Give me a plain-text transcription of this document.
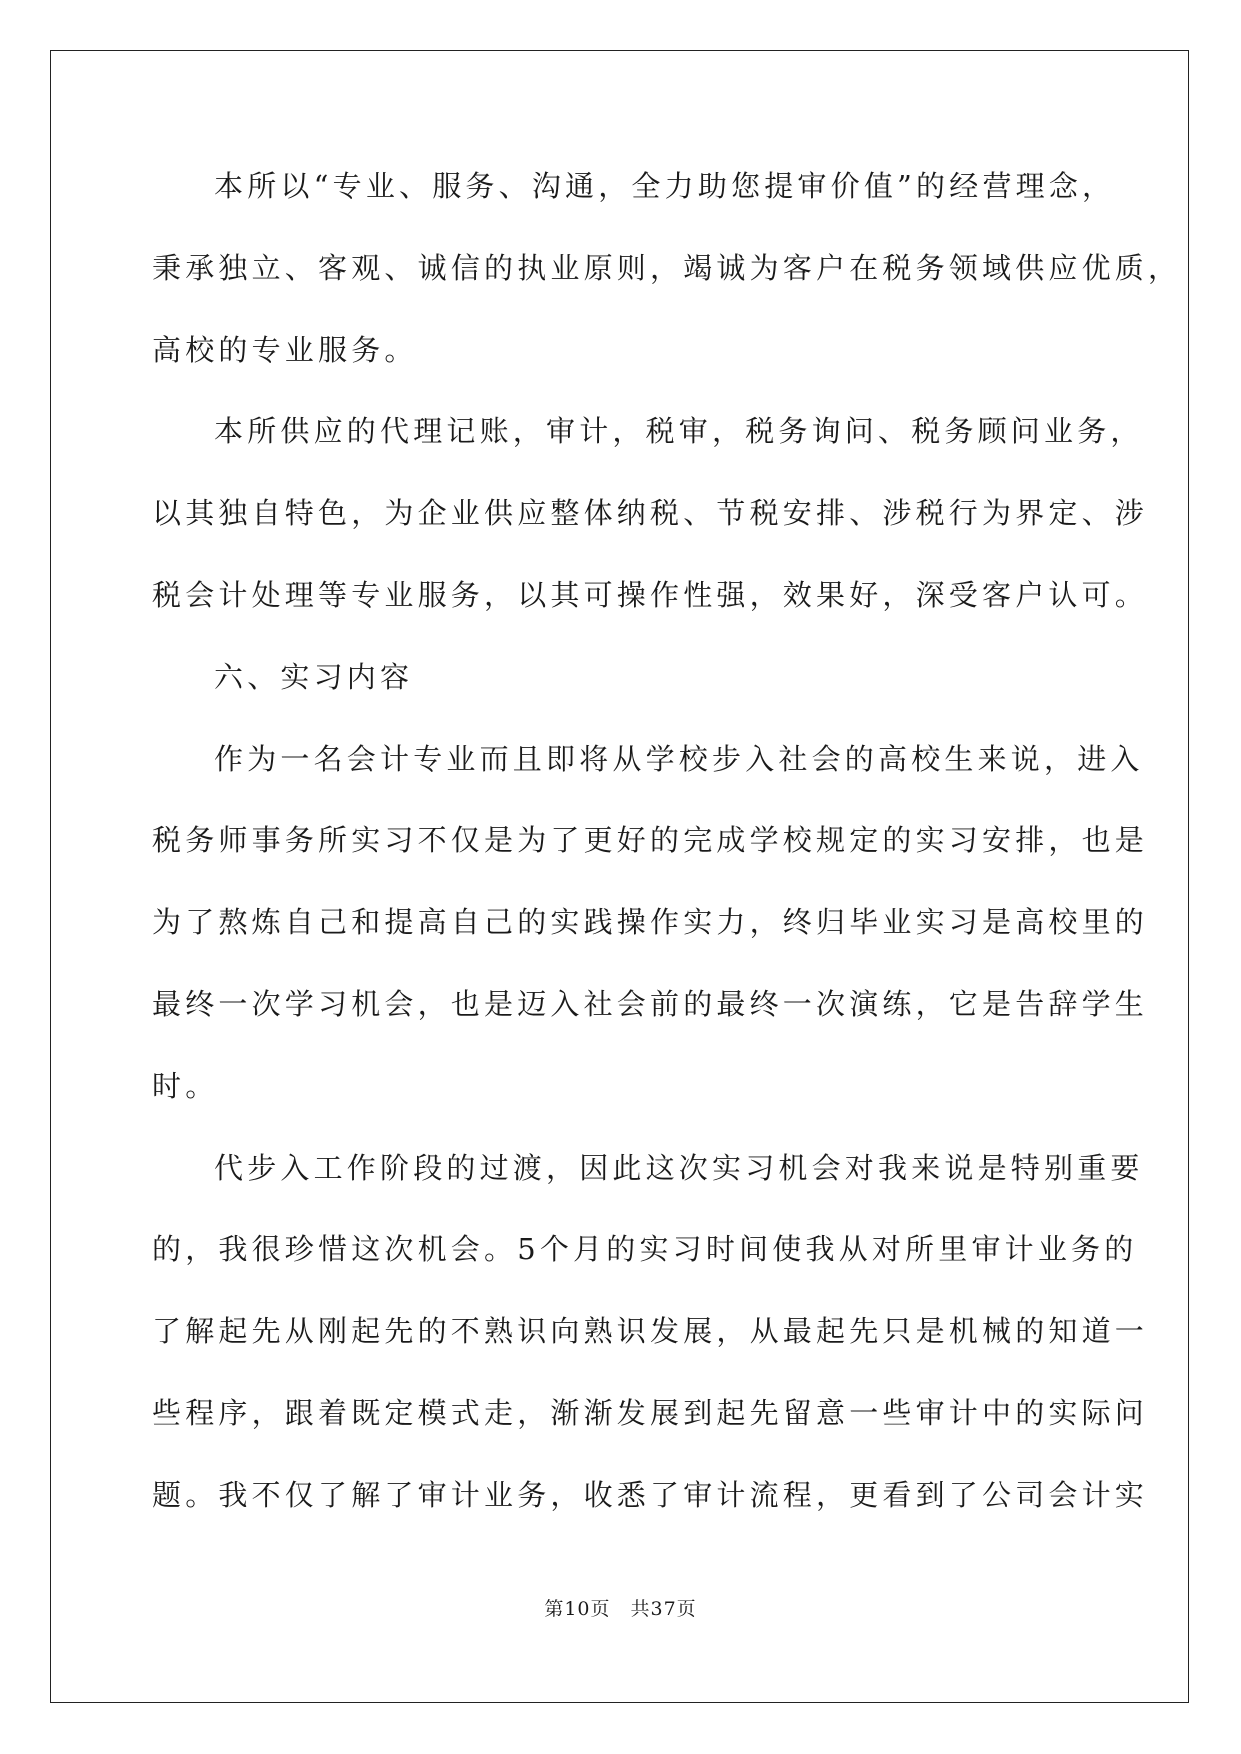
本所以“专业、服务、沟通，全力助您提审价值”的经营理念，
秉承独立、客观、诚信的执业原则，竭诚为客户在税务领域供应优质，
高校的专业服务。
本所供应的代理记账，审计，税审，税务询问、税务顾问业务，
以其独自特色，为企业供应整体纳税、节税安排、涉税行为界定、涉
税会计处理等专业服务，以其可操作性强，效果好，深受客户认可。
六、实习内容
作为一名会计专业而且即将从学校步入社会的高校生来说，进入
税务师事务所实习不仅是为了更好的完成学校规定的实习安排，也是
为了熬炼自己和提高自己的实践操作实力，终归毕业实习是高校里的
最终一次学习机会，也是迈入社会前的最终一次演练，它是告辞学生
时。
代步入工作阶段的过渡，因此这次实习机会对我来说是特别重要
的，我很珍惜这次机会。5个月的实习时间使我从对所里审计业务的
了解起先从刚起先的不熟识向熟识发展，从最起先只是机械的知道一
些程序，跟着既定模式走，渐渐发展到起先留意一些审计中的实际问
题。我不仅了解了审计业务，收悉了审计流程，更看到了公司会计实
第10页　共37页
